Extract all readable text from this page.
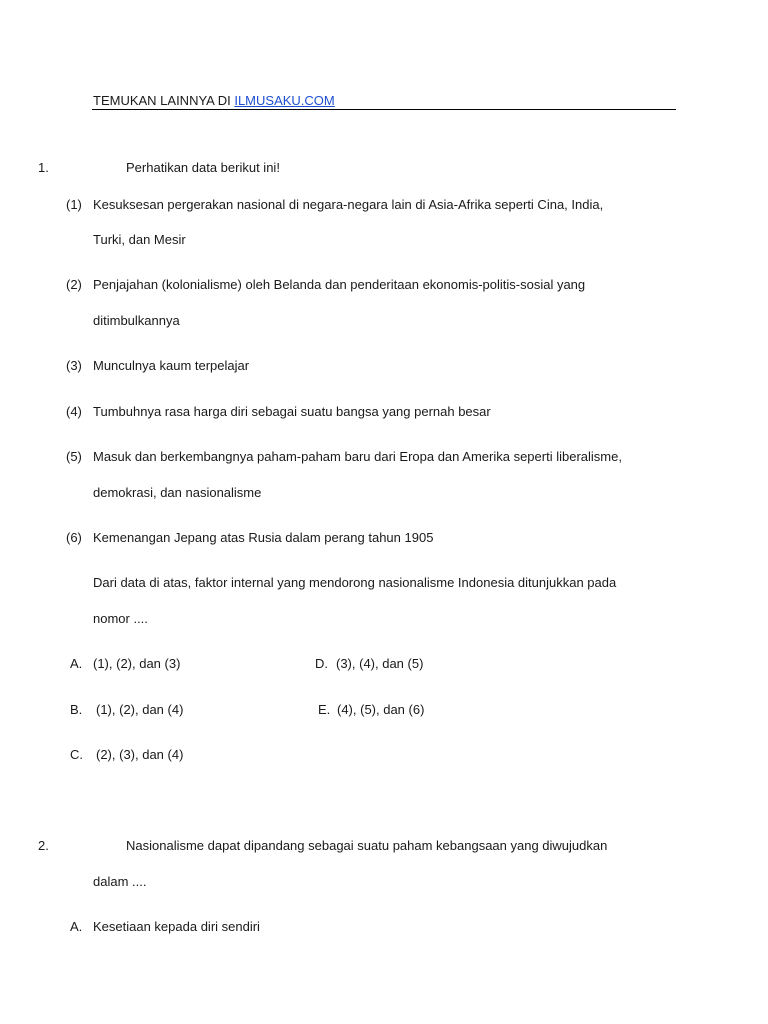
TEMUKAN LAINNYA DI ILMUSAKU.COM
1.	Perhatikan data berikut ini!
(1) Kesuksesan pergerakan nasional di negara-negara lain di Asia-Afrika seperti Cina, India,
Turki, dan Mesir
(2) Penjajahan (kolonialisme) oleh Belanda dan penderitaan ekonomis-politis-sosial yang
ditimbulkannya
(3) Munculnya kaum terpelajar
(4) Tumbuhnya rasa harga diri sebagai suatu bangsa yang pernah besar
(5) Masuk dan berkembangnya paham-paham baru dari Eropa dan Amerika seperti liberalisme,
demokrasi, dan nasionalisme
(6) Kemenangan Jepang atas Rusia dalam perang tahun 1905
Dari data di atas, faktor internal yang mendorong nasionalisme Indonesia ditunjukkan pada
nomor ....
A. (1), (2), dan (3)	D. (3), (4), dan (5)
B. (1), (2), dan (4)	E. (4), (5), dan (6)
C. (2), (3), dan (4)
2.	Nasionalisme dapat dipandang sebagai suatu paham kebangsaan yang diwujudkan
dalam ....
A. Kesetiaan kepada diri sendiri
